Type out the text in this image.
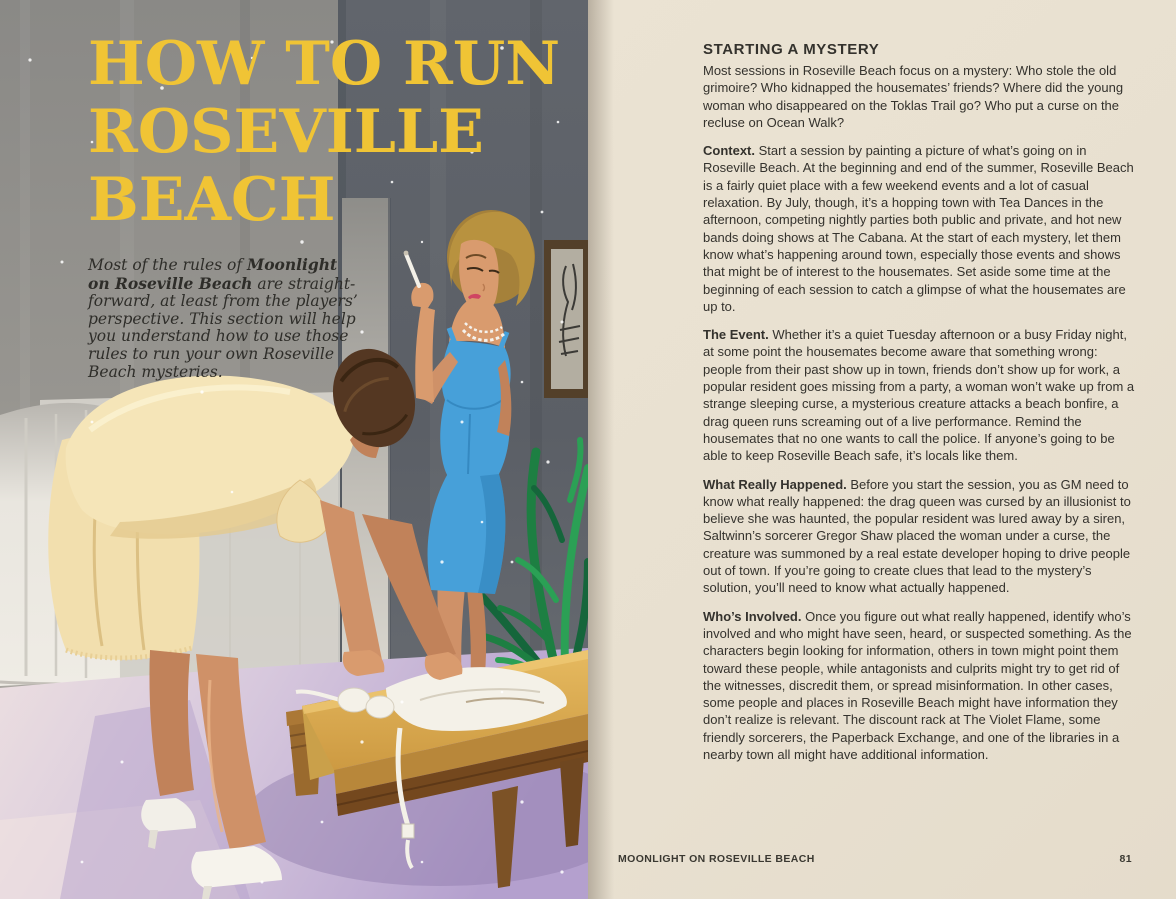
HOW TO RUN
ROSEVILLE
BEACH
Most of the rules of Moonlight on Roseville Beach are straight-forward, at least from the players’ perspective. This section will help you understand how to use those rules to run your own Roseville Beach mysteries.
STARTING A MYSTERY

Most sessions in Roseville Beach focus on a mystery: Who stole the old grimoire? Who kidnapped the housemates’ friends? Where did the young woman who disappeared on the Toklas Trail go? Who put a curse on the recluse on Ocean Walk?

Context. Start a session by painting a picture of what’s going on in Roseville Beach. At the beginning and end of the summer, Roseville Beach is a fairly quiet place with a few weekend events and a lot of casual relaxation. By July, though, it’s a hopping town with Tea Dances in the afternoon, competing nightly parties both public and private, and hot new bands doing shows at The Cabana. At the start of each mystery, let them know what’s happening around town, especially those events and shows that might be of interest to the housemates. Set aside some time at the beginning of each session to catch a glimpse of what the housemates are up to.

The Event. Whether it’s a quiet Tuesday afternoon or a busy Friday night, at some point the housemates become aware that something wrong: people from their past show up in town, friends don’t show up for work, a popular resident goes missing from a party, a woman won’t wake up from a strange sleeping curse, a mysterious creature attacks a beach bonfire, a drag queen runs screaming out of a live performance. Remind the housemates that no one wants to call the police. If anyone’s going to be able to keep Roseville Beach safe, it’s locals like them.

What Really Happened. Before you start the session, you as GM need to know what really happened: the drag queen was cursed by an illusionist to believe she was haunted, the popular resident was lured away by a siren, Saltwinn’s sorcerer Gregor Shaw placed the woman under a curse, the creature was summoned by a real estate developer hoping to drive people out of town. If you’re going to create clues that lead to the mystery’s solution, you’ll need to know what actually happened.

Who’s Involved. Once you figure out what really happened, identify who’s involved and who might have seen, heard, or suspected something. As the characters begin looking for information, others in town might point them toward these people, while antagonists and culprits might try to get rid of the witnesses, discredit them, or spread misinformation. In other cases, some people and places in Roseville Beach might have information they don’t realize is relevant. The discount rack at The Violet Flame, some friendly sorcerers, the Paperback Exchange, and one of the libraries in a nearby town all might have additional information.

MOONLIGHT ON ROSEVILLE BEACH	81
